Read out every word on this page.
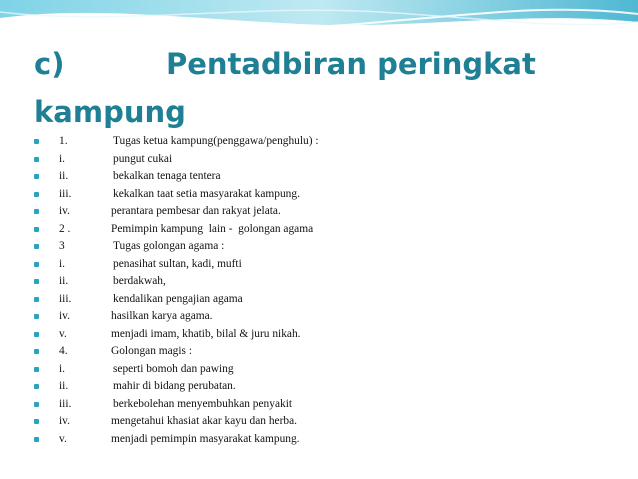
c)	Pentadbiran peringkat kampung
1.	Tugas ketua kampung(penggawa/penghulu) :
i.	pungut cukai
ii.	bekalkan tenaga tentera
iii.	kekalkan taat setia masyarakat kampung.
iv.	perantara pembesar dan rakyat jelata.
2 .	Pemimpin kampung  lain -  golongan agama
3	Tugas golongan agama :
i.	penasihat sultan, kadi, mufti
ii.	berdakwah,
iii.	kendalikan pengajian agama
iv.	hasilkan karya agama.
v.	menjadi imam, khatib, bilal & juru nikah.
4.	Golongan magis :
i.	seperti bomoh dan pawing
ii.	mahir di bidang perubatan.
iii.	berkebolehan menyembuhkan penyakit
iv.	mengetahui khasiat akar kayu dan herba.
v.	menjadi pemimpin masyarakat kampung.
